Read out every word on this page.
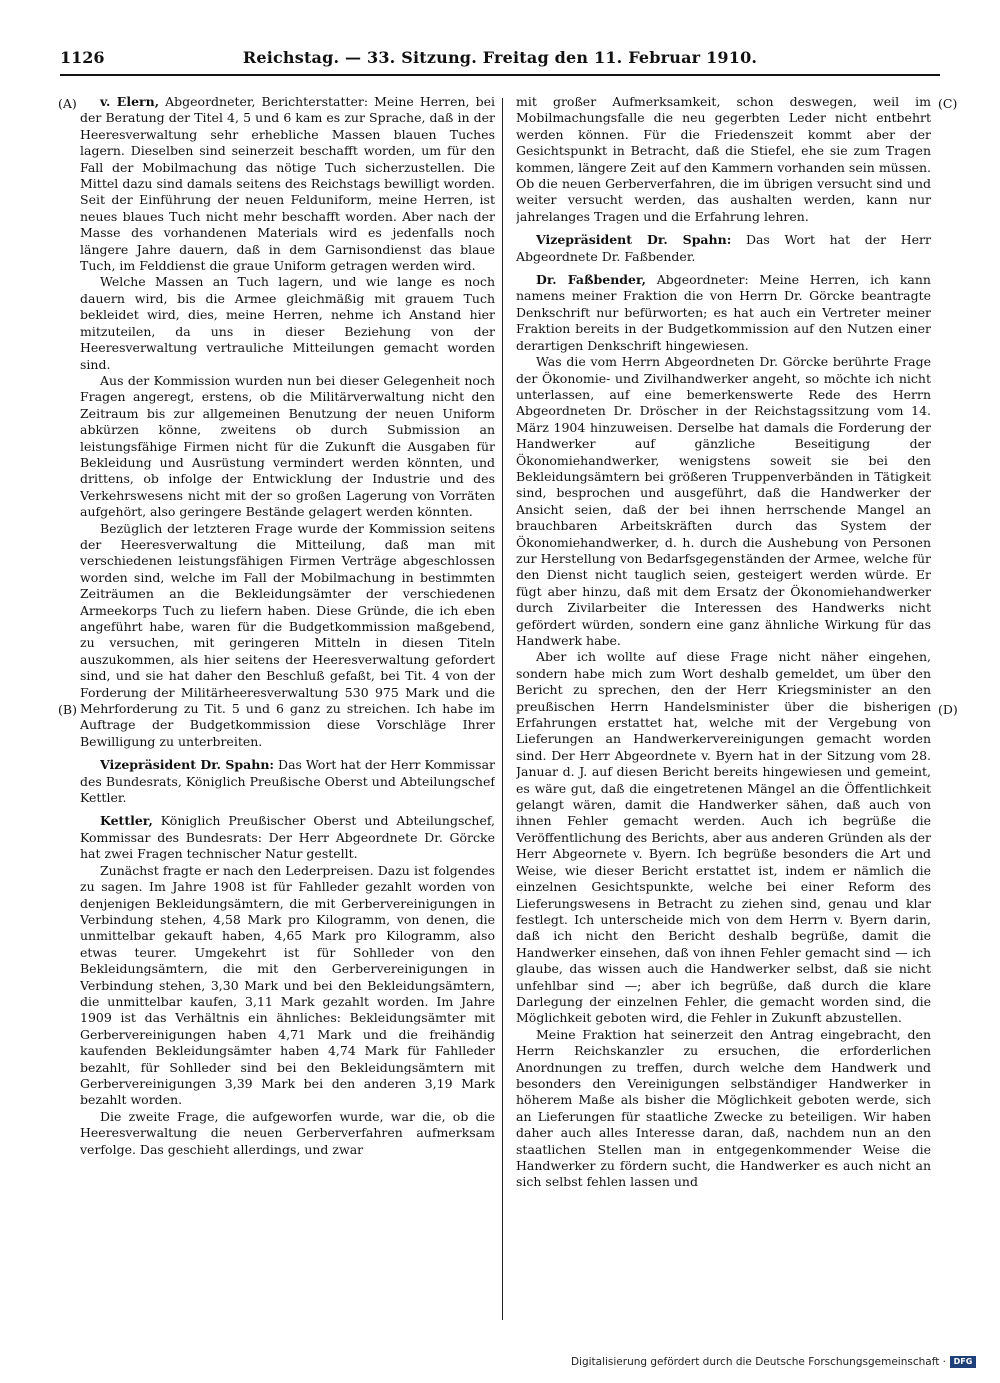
1126	Reichstag. — 33. Sitzung. Freitag den 11. Februar 1910.
(A)
(B)
(C)
(D)

v. Elern, Abgeordneter, Berichterstatter: Meine Herren, bei der Beratung der Titel 4, 5 und 6 kam es zur Sprache, daß in der Heeresverwaltung sehr erhebliche Massen blauen Tuches lagern. Dieselben sind seinerzeit beschafft worden, um für den Fall der Mobilmachung das nötige Tuch sicherzustellen. Die Mittel dazu sind damals seitens des Reichstags bewilligt worden. Seit der Einführung der neuen Felduniform, meine Herren, ist neues blaues Tuch nicht mehr beschafft worden. Aber nach der Masse des vorhandenen Materials wird es jedenfalls noch längere Jahre dauern, daß in dem Garnisondienst das blaue Tuch, im Felddienst die graue Uniform getragen werden wird.

Welche Massen an Tuch lagern, und wie lange es noch dauern wird, bis die Armee gleichmäßig mit grauem Tuch bekleidet wird, dies, meine Herren, nehme ich Anstand hier mitzuteilen, da uns in dieser Beziehung von der Heeresverwaltung vertrauliche Mitteilungen gemacht worden sind.

Aus der Kommission wurden nun bei dieser Gelegenheit noch Fragen angeregt, erstens, ob die Militärverwaltung nicht den Zeitraum bis zur allgemeinen Benutzung der neuen Uniform abkürzen könne, zweitens ob durch Submission an leistungsfähige Firmen nicht für die Zukunft die Ausgaben für Bekleidung und Ausrüstung vermindert werden könnten, und drittens, ob infolge der Entwicklung der Industrie und des Verkehrswesens nicht mit der so großen Lagerung von Vorräten aufgehört, also geringere Bestände gelagert werden könnten.

Bezüglich der letzteren Frage wurde der Kommission seitens der Heeresverwaltung die Mitteilung, daß man mit verschiedenen leistungsfähigen Firmen Verträge abgeschlossen worden sind, welche im Fall der Mobilmachung in bestimmten Zeiträumen an die Bekleidungsämter der verschiedenen Armeekorps Tuch zu liefern haben. Diese Gründe, die ich eben angeführt habe, waren für die Budgetkommission maßgebend, zu versuchen, mit geringeren Mitteln in diesen Titeln auszukommen, als hier seitens der Heeresverwaltung gefordert sind, und sie hat daher den Beschluß gefaßt, bei Tit. 4 von der Forderung der Militärheeresverwaltung 530 975 Mark und die Mehrforderung zu Tit. 5 und 6 ganz zu streichen. Ich habe im Auftrage der Budgetkommission diese Vorschläge Ihrer Bewilligung zu unterbreiten.

Vizepräsident Dr. Spahn: Das Wort hat der Herr Kommissar des Bundesrats, Königlich Preußische Oberst und Abteilungschef Kettler.

Kettler, Königlich Preußischer Oberst und Abteilungschef, Kommissar des Bundesrats: Der Herr Abgeordnete Dr. Görcke hat zwei Fragen technischer Natur gestellt.

Zunächst fragte er nach den Lederpreisen. Dazu ist folgendes zu sagen. Im Jahre 1908 ist für Fahlleder gezahlt worden von denjenigen Bekleidungsämtern, die mit Gerbervereinigungen in Verbindung stehen, 4,58 Mark pro Kilogramm, von denen, die unmittelbar gekauft haben, 4,65 Mark pro Kilogramm, also etwas teurer. Umgekehrt ist für Sohlleder von den Bekleidungsämtern, die mit den Gerbervereinigungen in Verbindung stehen, 3,30 Mark und bei den Bekleidungsämtern, die unmittelbar kaufen, 3,11 Mark gezahlt worden. Im Jahre 1909 ist das Verhältnis ein ähnliches: Bekleidungsämter mit Gerbervereinigungen haben 4,71 Mark und die freihändig kaufenden Bekleidungsämter haben 4,74 Mark für Fahlleder bezahlt, für Sohlleder sind bei den Bekleidungsämtern mit Gerbervereinigungen 3,39 Mark bei den anderen 3,19 Mark bezahlt worden.

Die zweite Frage, die aufgeworfen wurde, war die, ob die Heeresverwaltung die neuen Gerberverfahren aufmerksam verfolge. Das geschieht allerdings, und zwar

mit großer Aufmerksamkeit, schon deswegen, weil im Mobilmachungsfalle die neu gegerbten Leder nicht entbehrt werden können. Für die Friedenszeit kommt aber der Gesichtspunkt in Betracht, daß die Stiefel, ehe sie zum Tragen kommen, längere Zeit auf den Kammern vorhanden sein müssen. Ob die neuen Gerberverfahren, die im übrigen versucht sind und weiter versucht werden, das aushalten werden, kann nur jahrelanges Tragen und die Erfahrung lehren.

Vizepräsident Dr. Spahn: Das Wort hat der Herr Abgeordnete Dr. Faßbender.

Dr. Faßbender, Abgeordneter: Meine Herren, ich kann namens meiner Fraktion die von Herrn Dr. Görcke beantragte Denkschrift nur befürworten; es hat auch ein Vertreter meiner Fraktion bereits in der Budgetkommission auf den Nutzen einer derartigen Denkschrift hingewiesen.

Was die vom Herrn Abgeordneten Dr. Görcke berührte Frage der Ökonomie- und Zivilhandwerker angeht, so möchte ich nicht unterlassen, auf eine bemerkenswerte Rede des Herrn Abgeordneten Dr. Dröscher in der Reichstagssitzung vom 14. März 1904 hinzuweisen. Derselbe hat damals die Forderung der Handwerker auf gänzliche Beseitigung der Ökonomiehandwerker, wenigstens soweit sie bei den Bekleidungsämtern bei größeren Truppenverbänden in Tätigkeit sind, besprochen und ausgeführt, daß die Handwerker der Ansicht seien, daß der bei ihnen herrschende Mangel an brauchbaren Arbeitskräften durch das System der Ökonomiehandwerker, d. h. durch die Aushebung von Personen zur Herstellung von Bedarfsgegenständen der Armee, welche für den Dienst nicht tauglich seien, gesteigert werden würde. Er fügt aber hinzu, daß mit dem Ersatz der Ökonomiehandwerker durch Zivilarbeiter die Interessen des Handwerks nicht gefördert würden, sondern eine ganz ähnliche Wirkung für das Handwerk habe.

Aber ich wollte auf diese Frage nicht näher eingehen, sondern habe mich zum Wort deshalb gemeldet, um über den Bericht zu sprechen, den der Herr Kriegsminister an den preußischen Herrn Handelsminister über die bisherigen Erfahrungen erstattet hat, welche mit der Vergebung von Lieferungen an Handwerkervereinigungen gemacht worden sind. Der Herr Abgeordnete v. Byern hat in der Sitzung vom 28. Januar d. J. auf diesen Bericht bereits hingewiesen und gemeint, es wäre gut, daß die eingetretenen Mängel an die Öffentlichkeit gelangt wären, damit die Handwerker sähen, daß auch von ihnen Fehler gemacht werden. Auch ich begrüße die Veröffentlichung des Berichts, aber aus anderen Gründen als der Herr Abgeornete v. Byern. Ich begrüße besonders die Art und Weise, wie dieser Bericht erstattet ist, indem er nämlich die einzelnen Gesichtspunkte, welche bei einer Reform des Lieferungswesens in Betracht zu ziehen sind, genau und klar festlegt. Ich unterscheide mich von dem Herrn v. Byern darin, daß ich nicht den Bericht deshalb begrüße, damit die Handwerker einsehen, daß von ihnen Fehler gemacht sind — ich glaube, das wissen auch die Handwerker selbst, daß sie nicht unfehlbar sind —; aber ich begrüße, daß durch die klare Darlegung der einzelnen Fehler, die gemacht worden sind, die Möglichkeit geboten wird, die Fehler in Zukunft abzustellen.

Meine Fraktion hat seinerzeit den Antrag eingebracht, den Herrn Reichskanzler zu ersuchen, die erforderlichen Anordnungen zu treffen, durch welche dem Handwerk und besonders den Vereinigungen selbständiger Handwerker in höherem Maße als bisher die Möglichkeit geboten werde, sich an Lieferungen für staatliche Zwecke zu beteiligen. Wir haben daher auch alles Interesse daran, daß, nachdem nun an den staatlichen Stellen man in entgegenkommender Weise die Handwerker zu fördern sucht, die Handwerker es auch nicht an sich selbst fehlen lassen und

Digitalisierung gefördert durch die Deutsche Forschungsgemeinschaft · DFG
